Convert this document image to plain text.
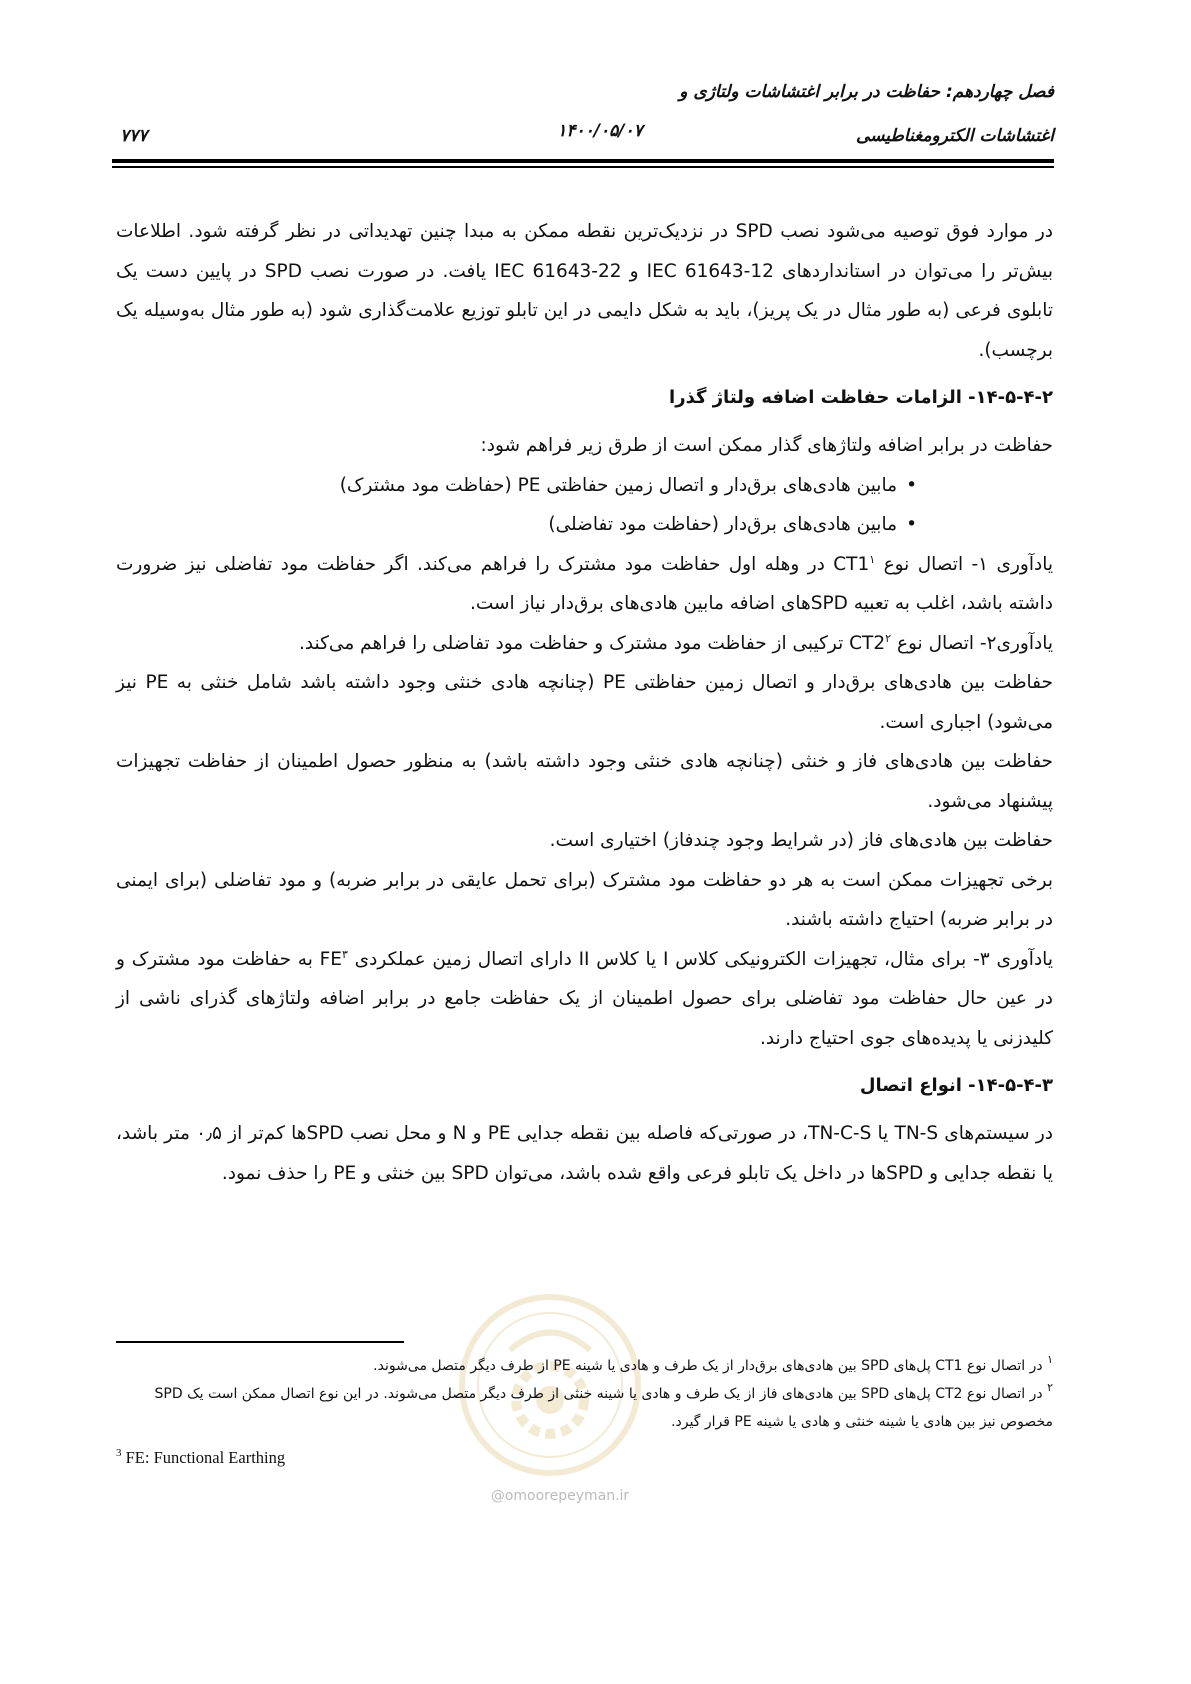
فصل چهاردهم: حفاظت در برابر اغتشاشات ولتاژی و
اغتشاشات الکترومغناطیسی
۱۴۰۰/۰۵/۰۷
۷۷۷

در موارد فوق توصیه می‌شود نصب SPD در نزدیک‌ترین نقطه ممکن به مبدا چنین تهدیداتی در نظر گرفته شود. اطلاعات بیش‌تر را می‌توان در استانداردهای IEC 61643-12 و IEC 61643-22 یافت. در صورت نصب SPD در پایین دست یک تابلوی فرعی (به طور مثال در یک پریز)، باید به شکل دایمی در این تابلو توزیع علامت‌گذاری شود (به طور مثال به‌وسیله یک برچسب).

۱۴-۵-۴-۲- الزامات حفاظت اضافه ولتاژ گذرا

حفاظت در برابر اضافه ولتاژهای گذار ممکن است از طرق زیر فراهم شود:

• مابین هادی‌های برق‌دار و اتصال زمین حفاظتی PE (حفاظت مود مشترک)
• مابین هادی‌های برق‌دار (حفاظت مود تفاضلی)

یادآوری ۱- اتصال نوع $CT1^۱$ در وهله اول حفاظت مود مشترک را فراهم می‌کند. اگر حفاظت مود تفاضلی نیز ضرورت داشته باشد، اغلب به تعبیه SPDهای اضافه مابین هادی‌های برق‌دار نیاز است.

یادآوری۲- اتصال نوع $CT2^۲$ ترکیبی از حفاظت مود مشترک و حفاظت مود تفاضلی را فراهم می‌کند.

حفاظت بین هادی‌های برق‌دار و اتصال زمین حفاظتی PE (چنانچه هادی خنثی وجود داشته باشد شامل خنثی به PE نیز می‌شود) اجباری است.

حفاظت بین هادی‌های فاز و خنثی (چنانچه هادی خنثی وجود داشته باشد) به منظور حصول اطمینان از حفاظت تجهیزات پیشنهاد می‌شود.

حفاظت بین هادی‌های فاز (در شرایط وجود چندفاز) اختیاری است.

برخی تجهیزات ممکن است به هر دو حفاظت مود مشترک (برای تحمل عایقی در برابر ضربه) و مود تفاضلی (برای ایمنی در برابر ضربه) احتیاج داشته باشند.

یادآوری ۳- برای مثال، تجهیزات الکترونیکی کلاس I یا کلاس II دارای اتصال زمین عملکردی $FE^۳$ به حفاظت مود مشترک و در عین حال حفاظت مود تفاضلی برای حصول اطمینان از یک حفاظت جامع در برابر اضافه ولتاژهای گذرای ناشی از کلیدزنی یا پدیده‌های جوی احتیاج دارند.

۱۴-۵-۴-۳- انواع اتصال

در سیستم‌های TN-S یا TN-C-S، در صورتی‌که فاصله بین نقطه جدایی PE و N و محل نصب SPDها کم‌تر از ۰٫۵ متر باشد، یا نقطه جدایی و SPDها در داخل یک تابلو فرعی واقع شده باشد، می‌توان SPD بین خنثی و PE را حذف نمود.

@omoorepeyman.ir

$^۱$ در اتصال نوع CT1 پل‌های SPD بین هادی‌های برق‌دار از یک طرف و هادی یا شینه PE از طرف دیگر متصل می‌شوند.

$^۲$ در اتصال نوع CT2 پل‌های SPD بین هادی‌های فاز از یک طرف و هادی یا شینه خنثی از طرف دیگر متصل می‌شوند. در این نوع اتصال ممکن است یک SPD مخصوص نیز بین هادی یا شینه خنثی و هادی یا شینه PE قرار گیرد.

$^3$ FE: Functional Earthing
